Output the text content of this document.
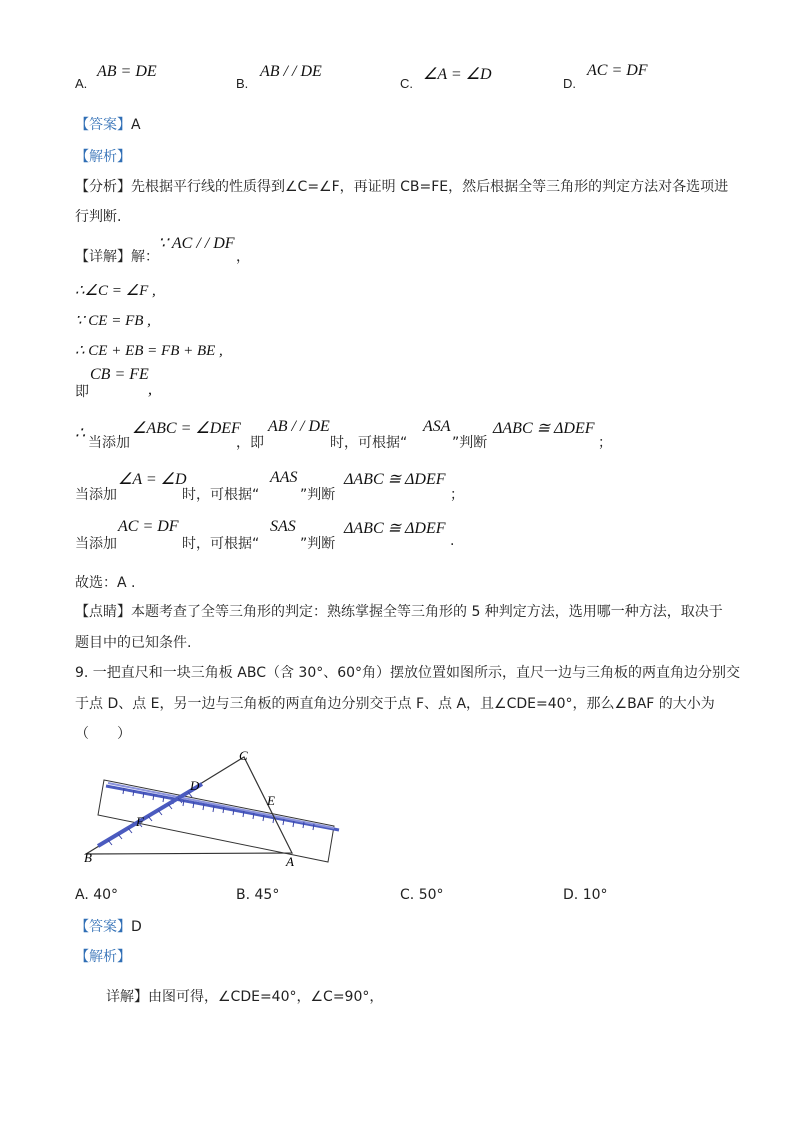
A.
AB = DE
B.
AB / / DE
C.
∠A = ∠D
D.
AC = DF
【答案】A
【解析】
【分析】先根据平行线的性质得到∠C=∠F，再证明 CB=FE，然后根据全等三角形的判定方法对各选项进
行判断.
【详解】解：
∵ AC / / DF
，
∴∠C = ∠F ,
∵ CE = FB ,
∴ CE + EB = FB + BE ,
即
CB = FE
,
∴
当添加
∠ABC = ∠DEF
，即
AB / / DE
时，可根据“
ASA
”判断
ΔABC ≅ ΔDEF
；
当添加
∠A = ∠D
时，可根据“
AAS
”判断
ΔABC ≅ ΔDEF
；
当添加
AC = DF
时，可根据“
SAS
”判断
ΔABC ≅ ΔDEF
.
故选：A .
【点睛】本题考查了全等三角形的判定：熟练掌握全等三角形的 5 种判定方法，选用哪一种方法，取决于
题目中的已知条件.
9. 一把直尺和一块三角板 ABC（含 30°、60°角）摆放位置如图所示，直尺一边与三角板的两直角边分别交
于点 D、点 E，另一边与三角板的两直角边分别交于点 F、点 A，且∠CDE=40°，那么∠BAF 的大小为
（　　）
C
D
E
F
B	A
A. 40°	B. 45°	C. 50°	D. 10°
【答案】D
【解析】
详解】由图可得，∠CDE=40°，∠C=90°，
